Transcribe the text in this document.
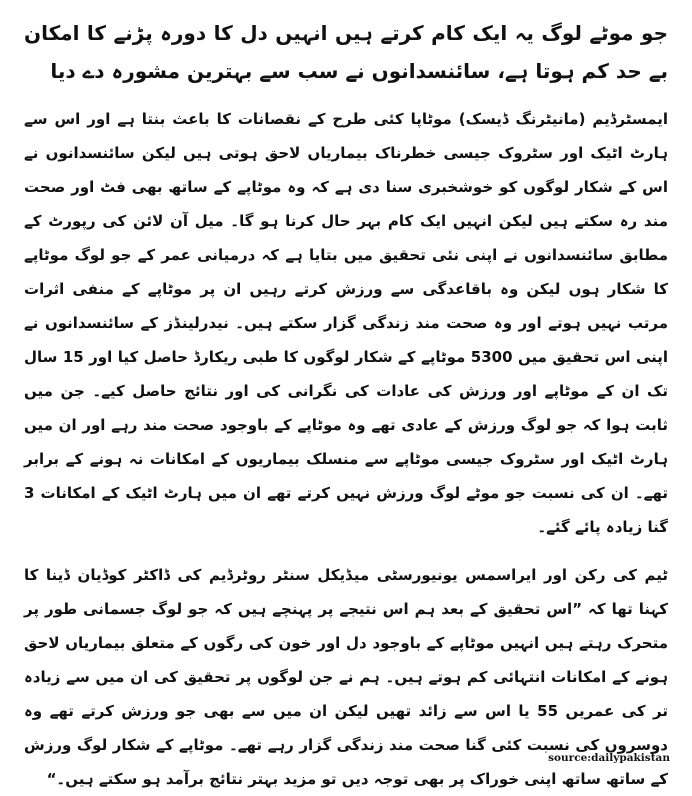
جو موٹے لوگ یہ ایک کام کرتے ہیں انہیں دل کا دورہ پڑنے کا امکان بے حد کم ہوتا ہے، سائنسدانوں نے سب سے بہترین مشورہ دے دیا

ایمسٹرڈیم (مانیٹرنگ ڈیسک) موٹاپا کئی طرح کے نقصانات کا باعث بنتا ہے اور اس سے ہارٹ اٹیک اور سٹروک جیسی خطرناک بیماریاں لاحق ہوتی ہیں لیکن سائنسدانوں نے اس کے شکار لوگوں کو خوشخبری سنا دی ہے کہ وہ موٹاپے کے ساتھ بھی فٹ اور صحت مند رہ سکتے ہیں لیکن انہیں ایک کام بہر حال کرنا ہو گا۔ میل آن لائن کی رپورٹ کے مطابق سائنسدانوں نے اپنی نئی تحقیق میں بتایا ہے کہ درمیانی عمر کے جو لوگ موٹاپے کا شکار ہوں لیکن وہ باقاعدگی سے ورزش کرتے رہیں ان پر موٹاپے کے منفی اثرات مرتب نہیں ہوتے اور وہ صحت مند زندگی گزار سکتے ہیں۔ نیدرلینڈز کے سائنسدانوں نے اپنی اس تحقیق میں 5300 موٹاپے کے شکار لوگوں کا طبی ریکارڈ حاصل کیا اور 15 سال تک ان کے موٹاپے اور ورزش کی عادات کی نگرانی کی اور نتائج حاصل کیے۔ جن میں ثابت ہوا کہ جو لوگ ورزش کے عادی تھے وہ موٹاپے کے باوجود صحت مند رہے اور ان میں ہارٹ اٹیک اور سٹروک جیسی موٹاپے سے منسلک بیماریوں کے امکانات نہ ہونے کے برابر تھے۔ ان کی نسبت جو موٹے لوگ ورزش نہیں کرتے تھے ان میں ہارٹ اٹیک کے امکانات 3 گنا زیادہ پائے گئے۔

ٹیم کی رکن اور ایراسمس یونیورسٹی میڈیکل سنٹر روٹرڈیم کی ڈاکٹر کوڈیان ڈینا کا کہنا تھا کہ ”اس تحقیق کے بعد ہم اس نتیجے پر پہنچے ہیں کہ جو لوگ جسمانی طور پر متحرک رہتے ہیں انہیں موٹاپے کے باوجود دل اور خون کی رگوں کے متعلق بیماریاں لاحق ہونے کے امکانات انتہائی کم ہوتے ہیں۔ ہم نے جن لوگوں پر تحقیق کی ان میں سے زیادہ تر کی عمریں 55 یا اس سے زائد تھیں لیکن ان میں سے بھی جو ورزش کرتے تھے وہ دوسروں کی نسبت کئی گنا صحت مند زندگی گزار رہے تھے۔ موٹاپے کے شکار لوگ ورزش کے ساتھ ساتھ اپنی خوراک پر بھی توجہ دیں تو مزید بہتر نتائج برآمد ہو سکتے ہیں۔“

source:dailypakistan
